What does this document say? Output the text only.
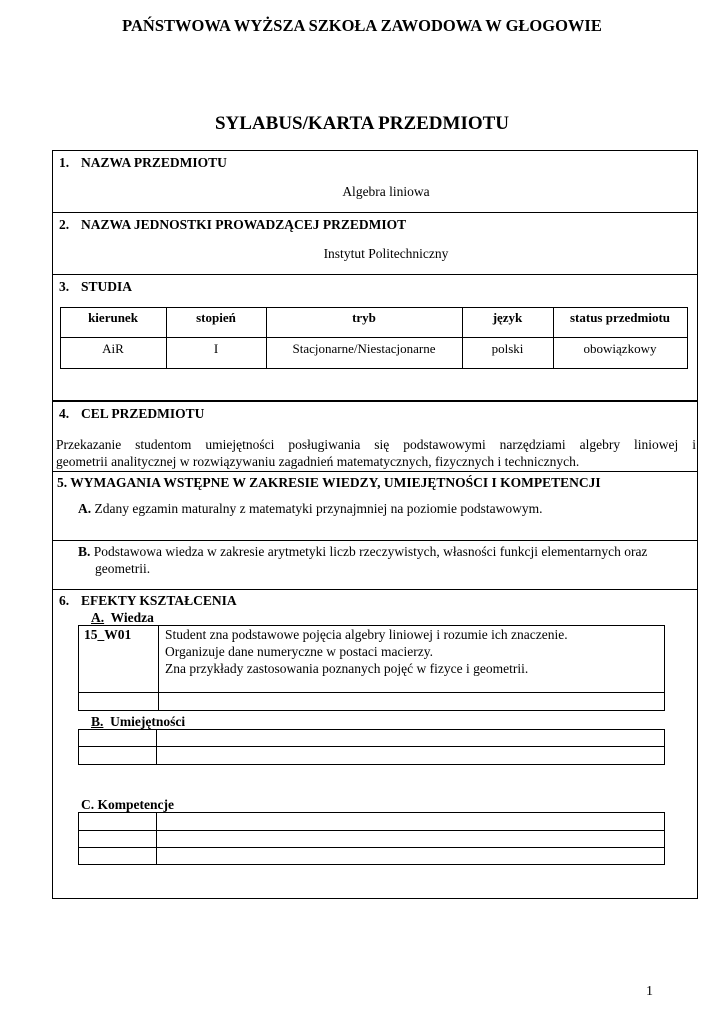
PAŃSTWOWA WYŻSZA SZKOŁA ZAWODOWA W GŁOGOWIE
SYLABUS/KARTA PRZEDMIOTU
1. NAZWA PRZEDMIOTU
Algebra liniowa
2. NAZWA JEDNOSTKI PROWADZĄCEJ PRZEDMIOT
Instytut Politechniczny
3. STUDIA
kierunek	stopień	tryb	język	status przedmiotu
AiR	I	Stacjonarne/Niestacjonarne	polski	obowiązkowy
4. CEL PRZEDMIOTU
Przekazanie studentom umiejętności posługiwania się podstawowymi narzędziami algebry liniowej i
geometrii analitycznej w rozwiązywaniu zagadnień matematycznych, fizycznych i technicznych.
5. WYMAGANIA WSTĘPNE W ZAKRESIE WIEDZY, UMIEJĘTNOŚCI I KOMPETENCJI
A. Zdany egzamin maturalny z matematyki przynajmniej na poziomie podstawowym.
B. Podstawowa wiedza w zakresie arytmetyki liczb rzeczywistych, własności funkcji elementarnych oraz
geometrii.
6. EFEKTY KSZTAŁCENIA
A. Wiedza
15_W01	Student zna podstawowe pojęcia algebry liniowej i rozumie ich znaczenie.
Organizuje dane numeryczne w postaci macierzy.
Zna przykłady zastosowania poznanych pojęć w fizyce i geometrii.
B. Umiejętności
C. Kompetencje
1
